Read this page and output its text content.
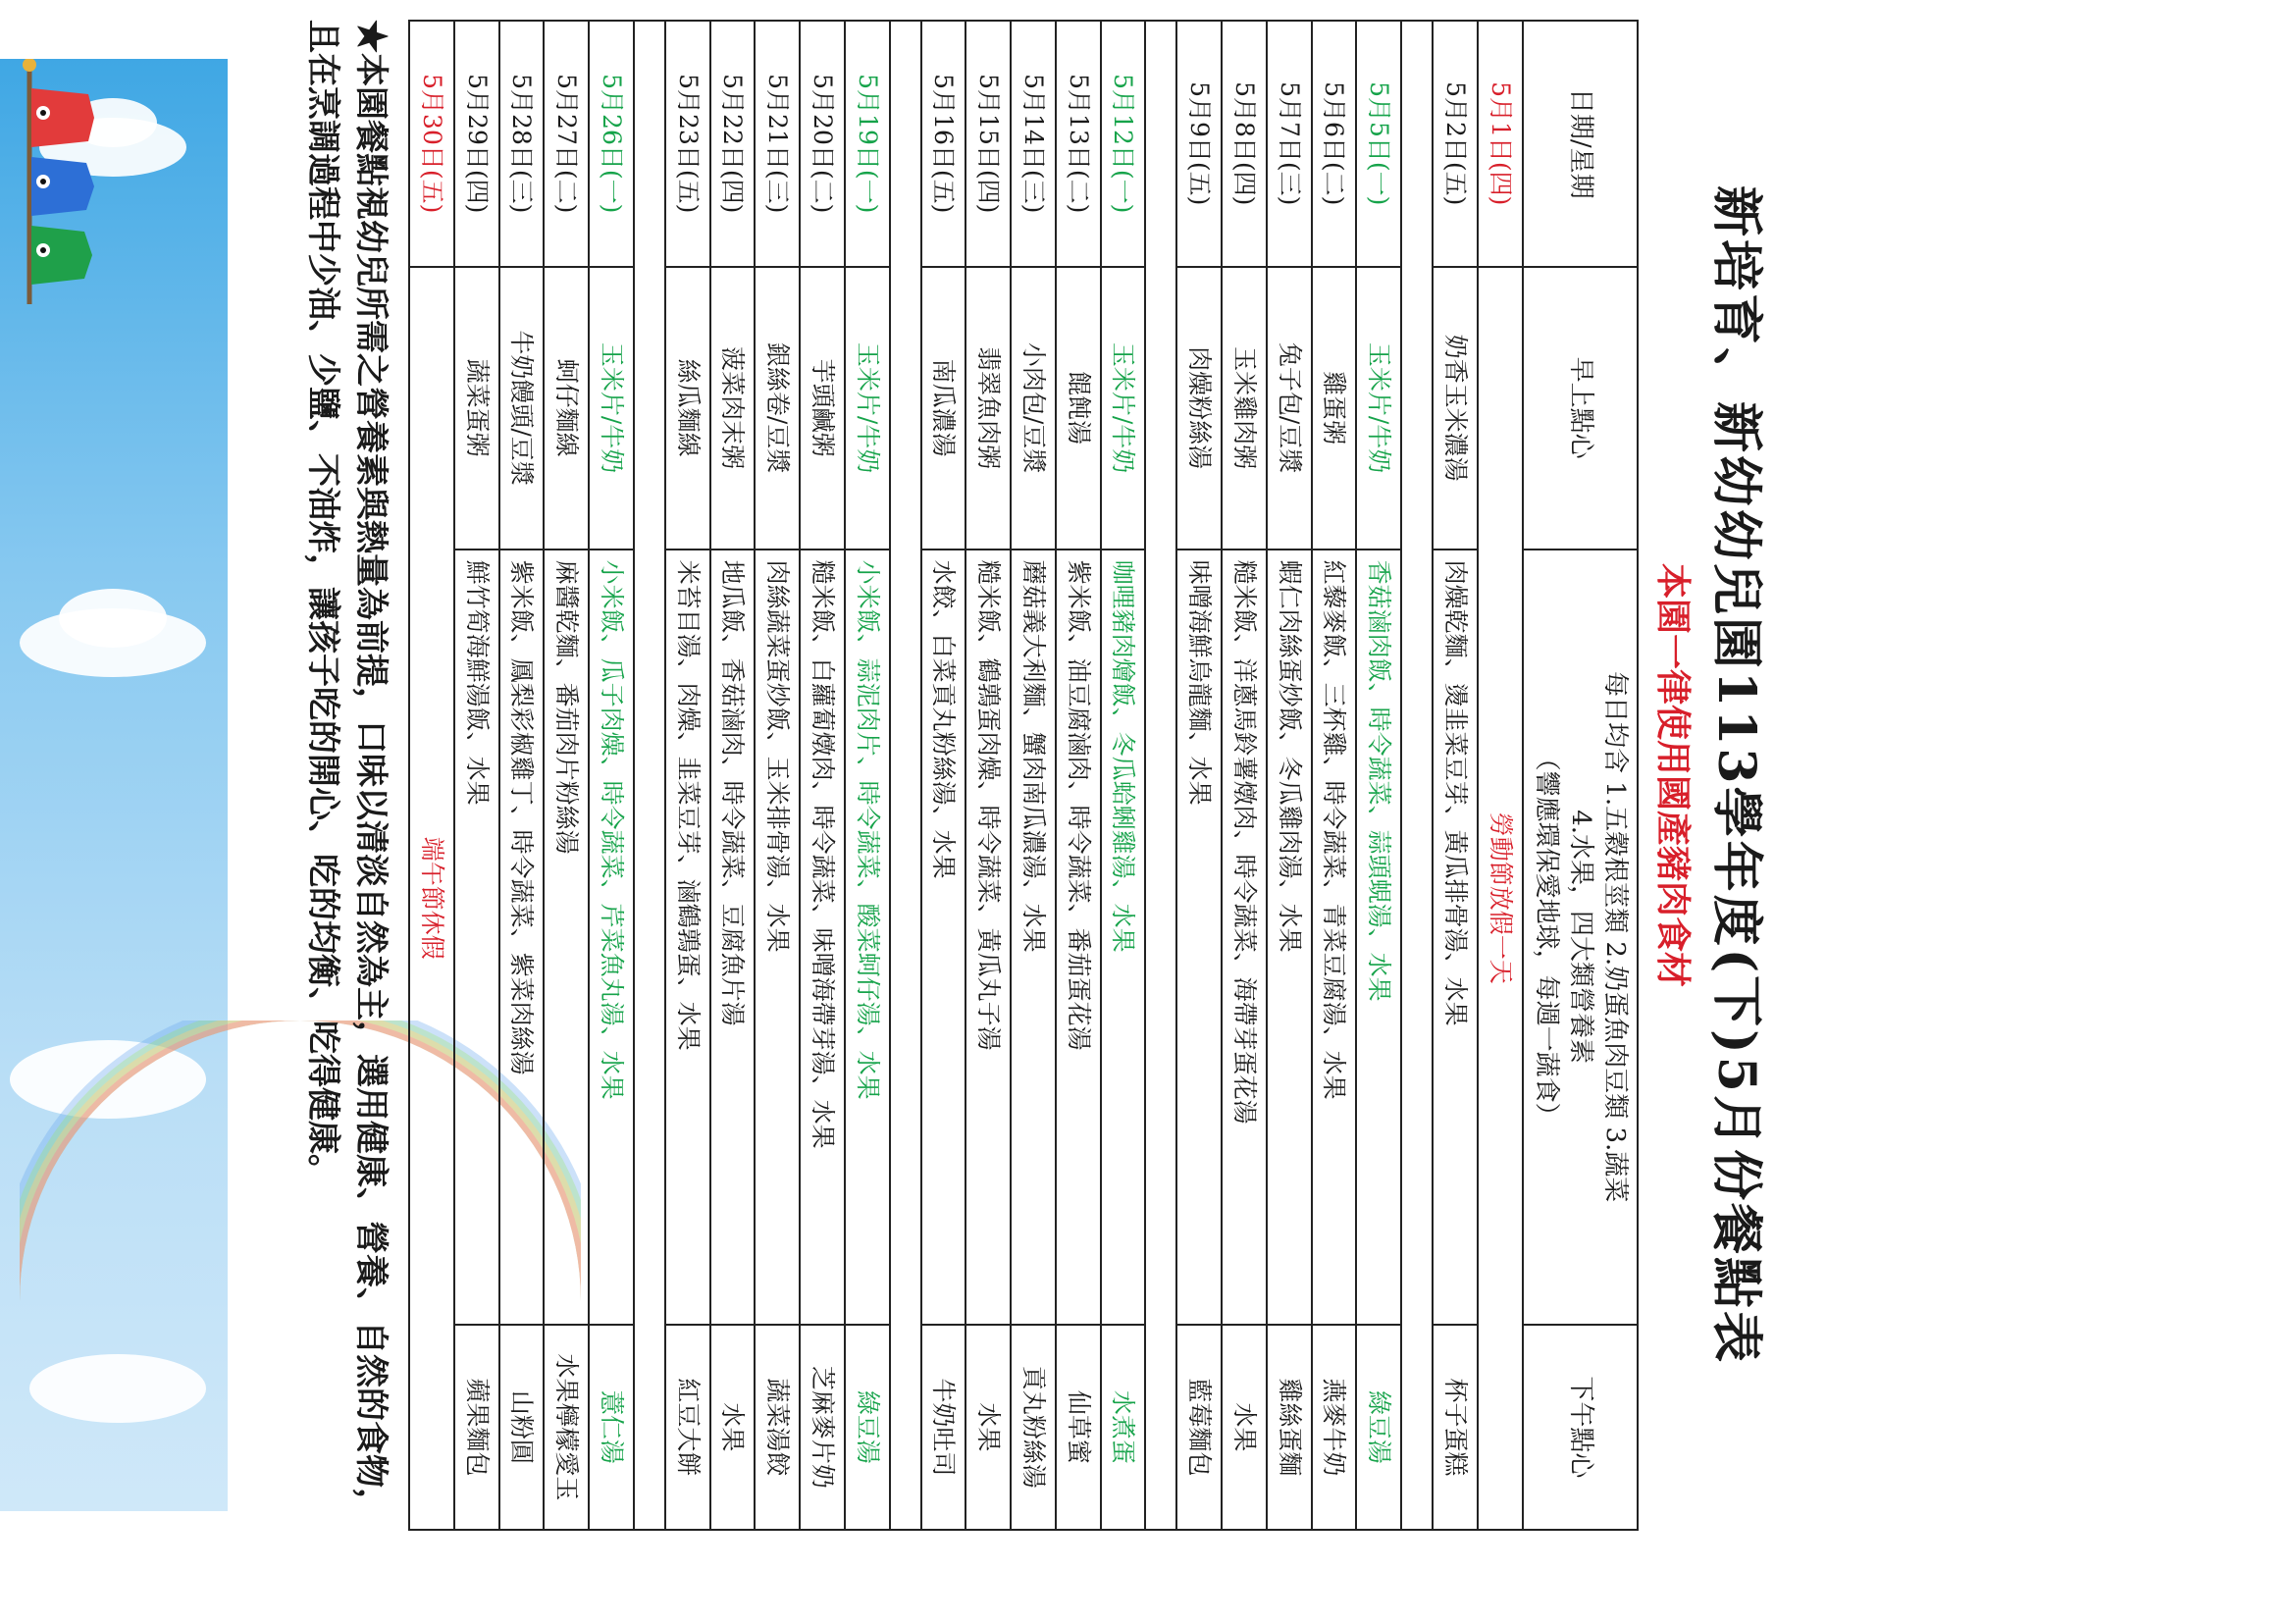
新培育、新幼幼兒園113學年度(下)5月份餐點表
本園一律使用國產豬肉食材
日期/星期	早上點心	每日均含 1.五穀根莖類 2.奶蛋魚肉豆類 3.蔬菜
4.水果，四大類營養素
（響應環保愛地球，每週一蔬食）	下午點心
5月1日(四)	勞動節放假一天		
5月2日(五)	奶香玉米濃湯	肉燥乾麵、燙韭菜豆芽、黃瓜排骨湯、水果	杯子蛋糕

5月5日(一)	玉米片/牛奶	香菇滷肉飯、時令蔬菜、蒜頭蜆湯、水果	綠豆湯
5月6日(二)	雞蛋粥	紅藜麥飯、三杯雞、時令蔬菜、青菜豆腐湯、水果	燕麥牛奶
5月7日(三)	兔子包/豆漿	蝦仁肉絲蛋炒飯、冬瓜雞肉湯、水果	雞絲蛋麵
5月8日(四)	玉米雞肉粥	糙米飯、洋蔥馬鈴薯燉肉、時令蔬菜、海帶芽蛋花湯	水果
5月9日(五)	肉燥粉絲湯	味噌海鮮烏龍麵、水果	藍莓麵包

5月12日(一)	玉米片/牛奶	咖哩豬肉燴飯、冬瓜蛤蜊雞湯、水果	水煮蛋
5月13日(二)	餛飩湯	紫米飯、油豆腐滷肉、時令蔬菜、番茄蛋花湯	仙草蜜
5月14日(三)	小肉包/豆漿	蘑菇義大利麵、蟹肉南瓜濃湯、水果	貢丸粉絲湯
5月15日(四)	翡翠魚肉粥	糙米飯、鶴鶉蛋肉燥、時令蔬菜、黃瓜丸子湯	水果
5月16日(五)	南瓜濃湯	水餃、白菜貢丸粉絲湯、水果	牛奶吐司

5月19日(一)	玉米片/牛奶	小米飯、蒜泥肉片、時令蔬菜、酸菜蚵仔湯、水果	綠豆湯
5月20日(二)	芋頭鹹粥	糙米飯、白蘿蔔燉肉、時令蔬菜、味噌海帶芽湯、水果	芝麻麥片奶
5月21日(三)	銀絲卷/豆漿	肉絲蔬菜蛋炒飯、玉米排骨湯、水果	蔬菜湯餃
5月22日(四)	菠菜肉末粥	地瓜飯、香菇滷肉、時令蔬菜、豆腐魚片湯	水果
5月23日(五)	絲瓜麵線	米苔目湯、肉燥、韭菜豆芽、滷鶴鶉蛋、水果	紅豆大餅

5月26日(一)	玉米片/牛奶	小米飯、瓜子肉燥、時令蔬菜、芹菜魚丸湯、水果	薏仁湯
5月27日(二)	蚵仔麵線	麻醬乾麵、番茄肉片粉絲湯	水果檸檬愛玉
5月28日(三)	牛奶饅頭/豆漿	紫米飯、鳳梨彩椒雞丁、時令蔬菜、紫菜肉絲湯	山粉圓
5月29日(四)	蔬菜蛋粥	鮮竹筍海鮮湯飯、水果	蘋果麵包
5月30日(五)	端午節休假		
★本園餐點視幼兒所需之營養素與熱量為前提，口味以清淡自然為主，選用健康、營養、自然的食物，且在烹調過程中少油、少鹽、不油炸，讓孩子吃的開心、吃的均衡、吃得健康。
